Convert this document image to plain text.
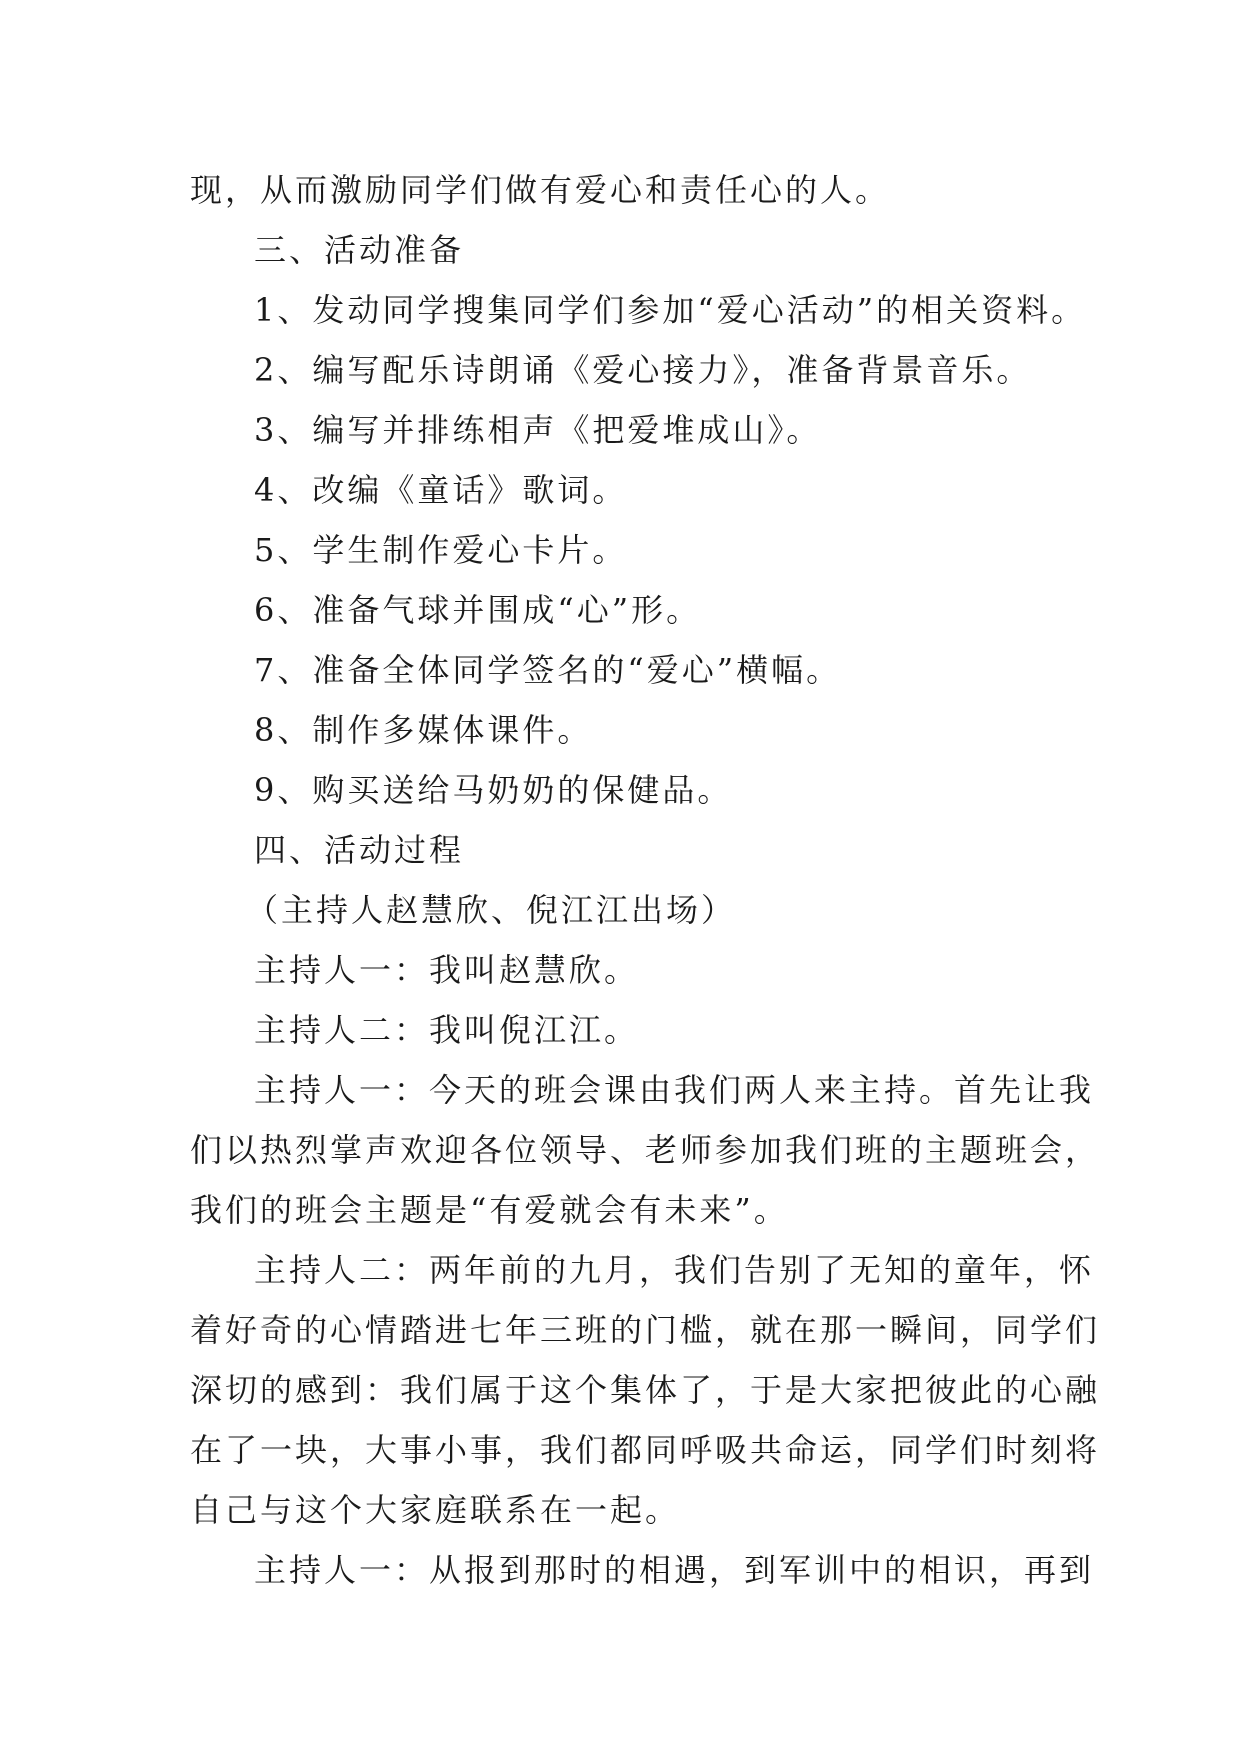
现，从而激励同学们做有爱心和责任心的人。
三、活动准备
1、发动同学搜集同学们参加“爱心活动”的相关资料。
2、编写配乐诗朗诵《爱心接力》，准备背景音乐。
3、编写并排练相声《把爱堆成山》。
4、改编《童话》歌词。
5、学生制作爱心卡片。
6、准备气球并围成“心”形。
7、准备全体同学签名的“爱心”横幅。
8、制作多媒体课件。
9、购买送给马奶奶的保健品。
四、活动过程
（主持人赵慧欣、倪江江出场）
主持人一：我叫赵慧欣。
主持人二：我叫倪江江。
主持人一：今天的班会课由我们两人来主持。首先让我
们以热烈掌声欢迎各位领导、老师参加我们班的主题班会，
我们的班会主题是“有爱就会有未来”。
主持人二：两年前的九月，我们告别了无知的童年，怀
着好奇的心情踏进七年三班的门槛，就在那一瞬间，同学们
深切的感到：我们属于这个集体了，于是大家把彼此的心融
在了一块，大事小事，我们都同呼吸共命运，同学们时刻将
自己与这个大家庭联系在一起。
主持人一：从报到那时的相遇，到军训中的相识，再到
